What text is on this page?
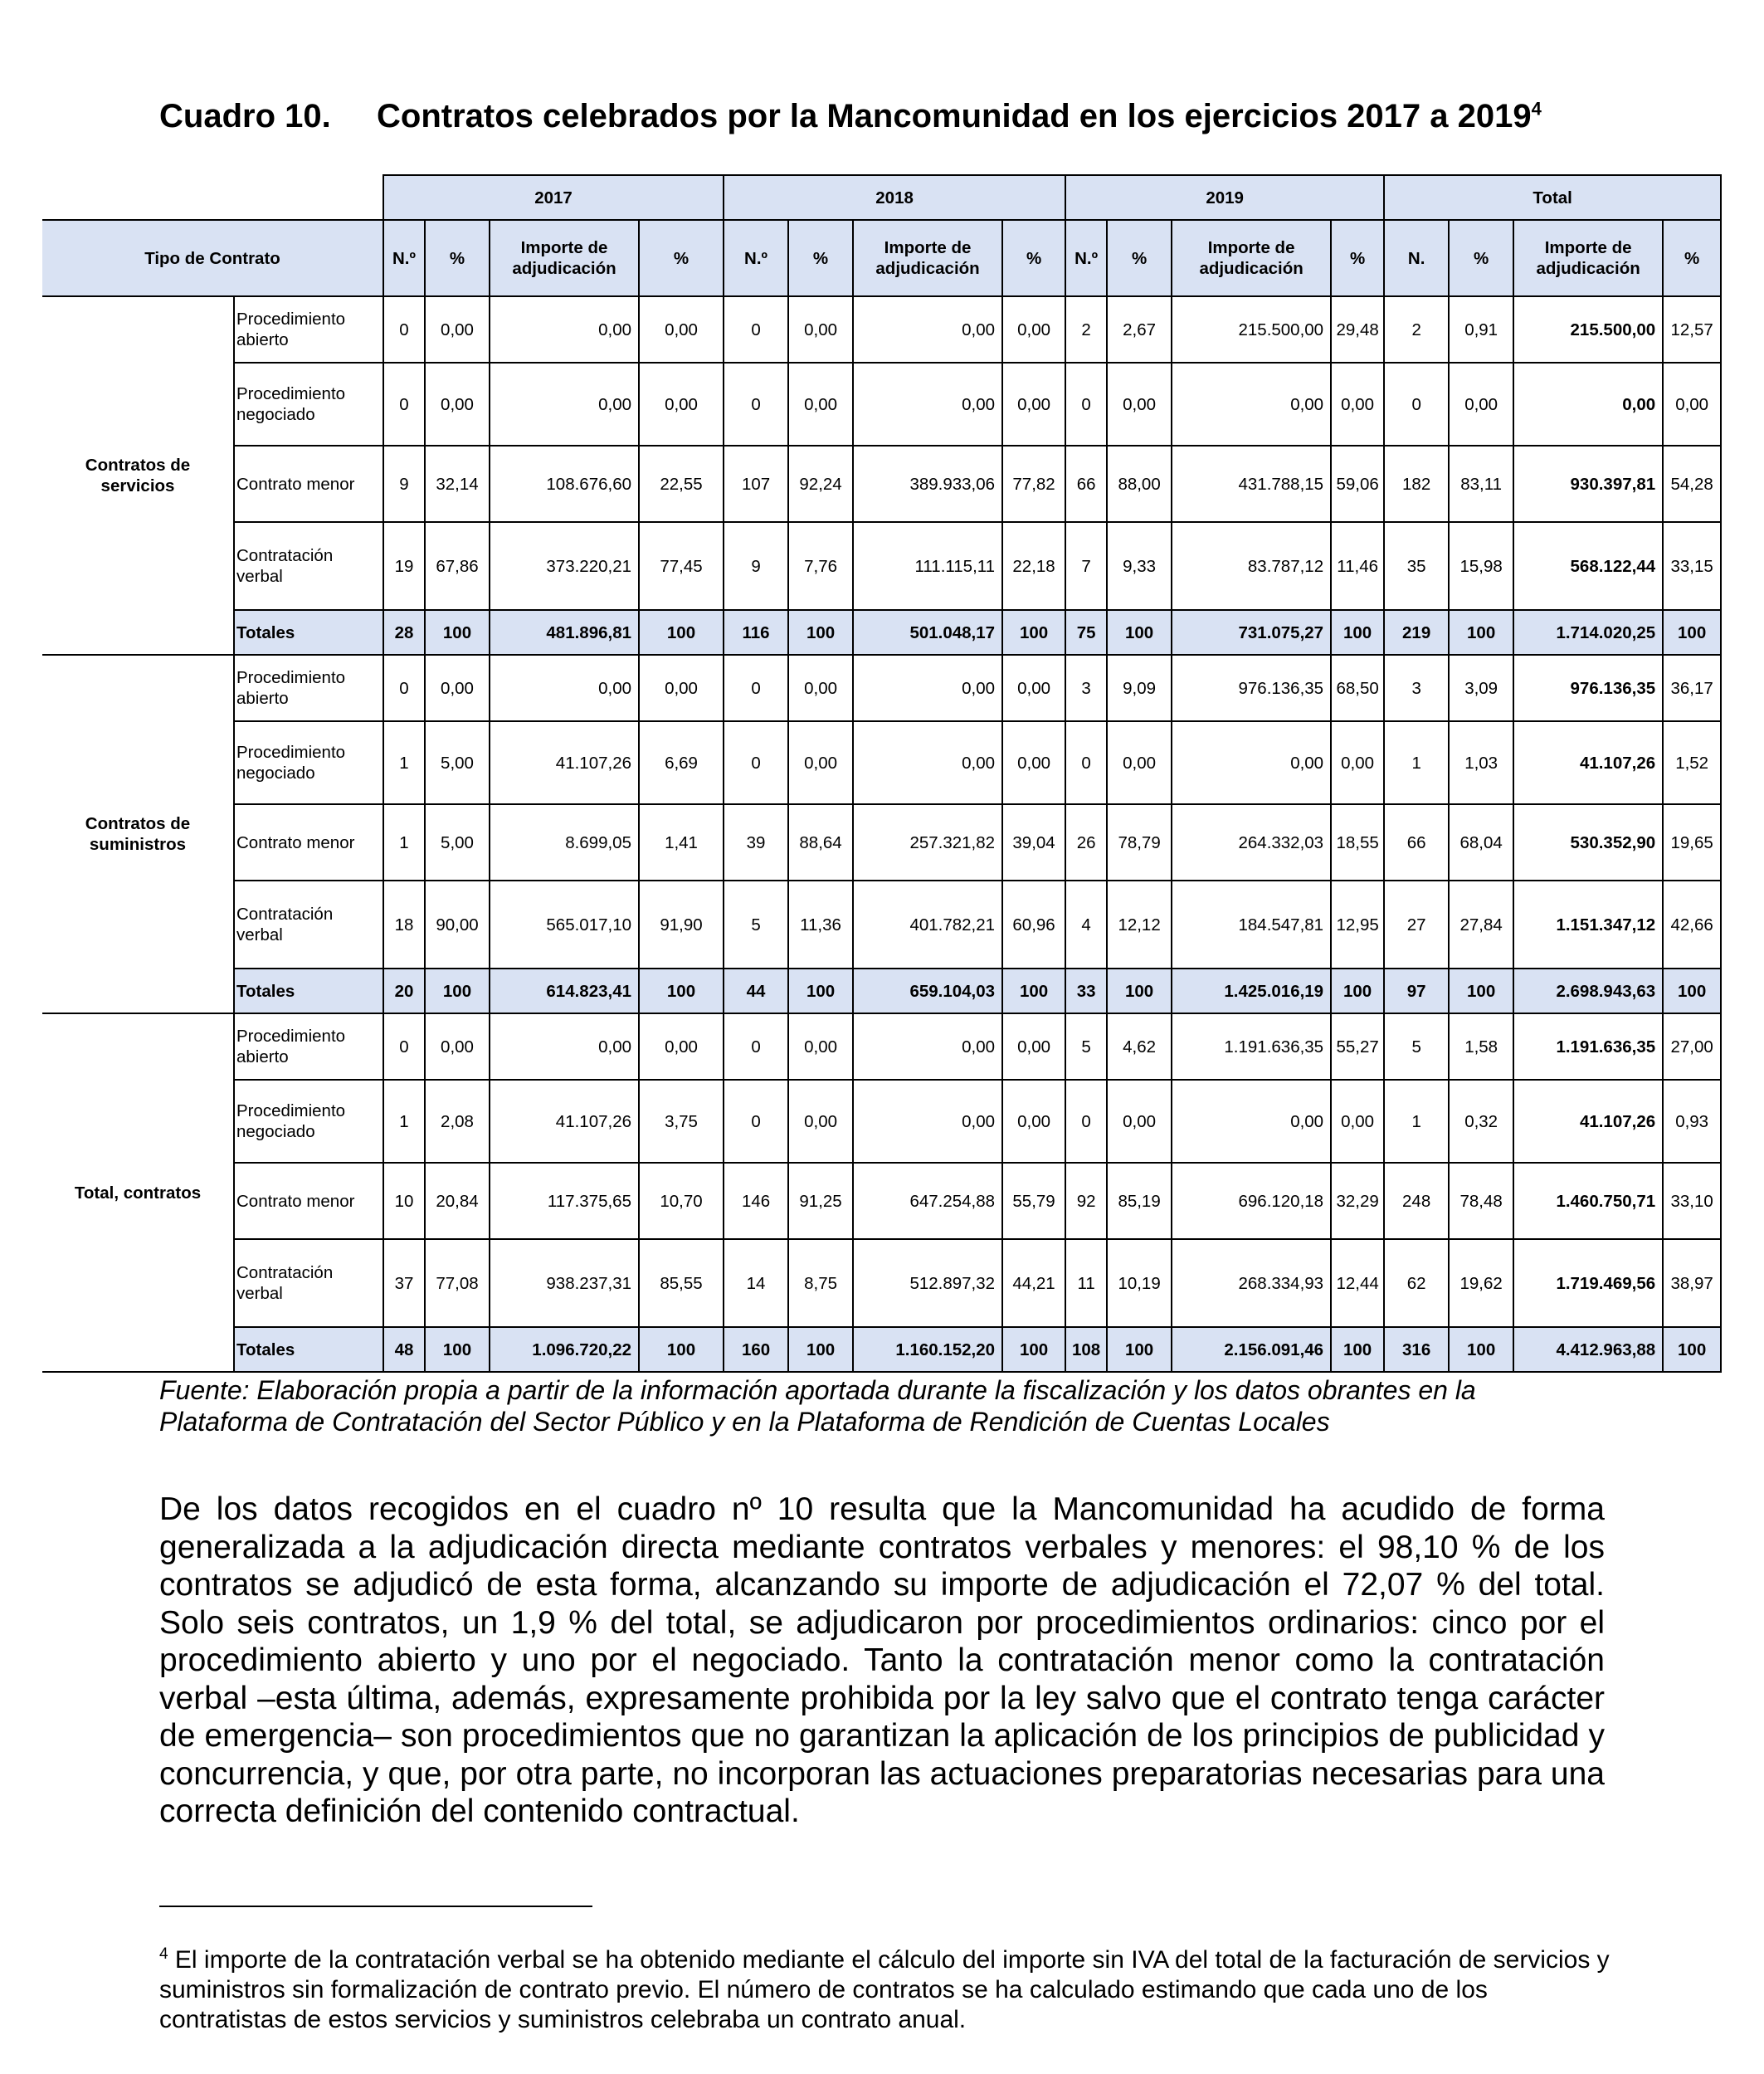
Cuadro 10. Contratos celebrados por la Mancomunidad en los ejercicios 2017 a 2019$^4$
		2017				2018				2019				Total			
Tipo de Contrato		N.º	%	Importe de adjudicación	%	N.º	%	Importe de adjudicación	%	N.º	%	Importe de adjudicación	%	N.	%	Importe de adjudicación	%
Contratos de servicios	Procedimiento abierto	0	0,00	0,00	0,00	0	0,00	0,00	0,00	2	2,67	215.500,00	29,48	2	0,91	215.500,00	12,57
	Procedimiento negociado	0	0,00	0,00	0,00	0	0,00	0,00	0,00	0	0,00	0,00	0,00	0	0,00	0,00	0,00
	Contrato menor	9	32,14	108.676,60	22,55	107	92,24	389.933,06	77,82	66	88,00	431.788,15	59,06	182	83,11	930.397,81	54,28
	Contratación verbal	19	67,86	373.220,21	77,45	9	7,76	111.115,11	22,18	7	9,33	83.787,12	11,46	35	15,98	568.122,44	33,15
	Totales	28	100	481.896,81	100	116	100	501.048,17	100	75	100	731.075,27	100	219	100	1.714.020,25	100
Contratos de suministros	Procedimiento abierto	0	0,00	0,00	0,00	0	0,00	0,00	0,00	3	9,09	976.136,35	68,50	3	3,09	976.136,35	36,17
	Procedimiento negociado	1	5,00	41.107,26	6,69	0	0,00	0,00	0,00	0	0,00	0,00	0,00	1	1,03	41.107,26	1,52
	Contrato menor	1	5,00	8.699,05	1,41	39	88,64	257.321,82	39,04	26	78,79	264.332,03	18,55	66	68,04	530.352,90	19,65
	Contratación verbal	18	90,00	565.017,10	91,90	5	11,36	401.782,21	60,96	4	12,12	184.547,81	12,95	27	27,84	1.151.347,12	42,66
	Totales	20	100	614.823,41	100	44	100	659.104,03	100	33	100	1.425.016,19	100	97	100	2.698.943,63	100
Total, contratos	Procedimiento abierto	0	0,00	0,00	0,00	0	0,00	0,00	0,00	5	4,62	1.191.636,35	55,27	5	1,58	1.191.636,35	27,00
	Procedimiento negociado	1	2,08	41.107,26	3,75	0	0,00	0,00	0,00	0	0,00	0,00	0,00	1	0,32	41.107,26	0,93
	Contrato menor	10	20,84	117.375,65	10,70	146	91,25	647.254,88	55,79	92	85,19	696.120,18	32,29	248	78,48	1.460.750,71	33,10
	Contratación verbal	37	77,08	938.237,31	85,55	14	8,75	512.897,32	44,21	11	10,19	268.334,93	12,44	62	19,62	1.719.469,56	38,97
	Totales	48	100	1.096.720,22	100	160	100	1.160.152,20	100	108	100	2.156.091,46	100	316	100	4.412.963,88	100
Fuente: Elaboración propia a partir de la información aportada durante la fiscalización y los datos obrantes en la Plataforma de Contratación del Sector Público y en la Plataforma de Rendición de Cuentas Locales
De los datos recogidos en el cuadro nº 10 resulta que la Mancomunidad ha acudido de forma generalizada a la adjudicación directa mediante contratos verbales y menores: el 98,10 % de los contratos se adjudicó de esta forma, alcanzando su importe de adjudicación el 72,07 % del total. Solo seis contratos, un 1,9 % del total, se adjudicaron por procedimientos ordinarios: cinco por el procedimiento abierto y uno por el negociado. Tanto la contratación menor como la contratación verbal –esta última, además, expresamente prohibida por la ley salvo que el contrato tenga carácter de emergencia– son procedimientos que no garantizan la aplicación de los principios de publicidad y concurrencia, y que, por otra parte, no incorporan las actuaciones preparatorias necesarias para una correcta definición del contenido contractual.
$^4$ El importe de la contratación verbal se ha obtenido mediante el cálculo del importe sin IVA del total de la facturación de servicios y suministros sin formalización de contrato previo. El número de contratos se ha calculado estimando que cada uno de los contratistas de estos servicios y suministros celebraba un contrato anual.
